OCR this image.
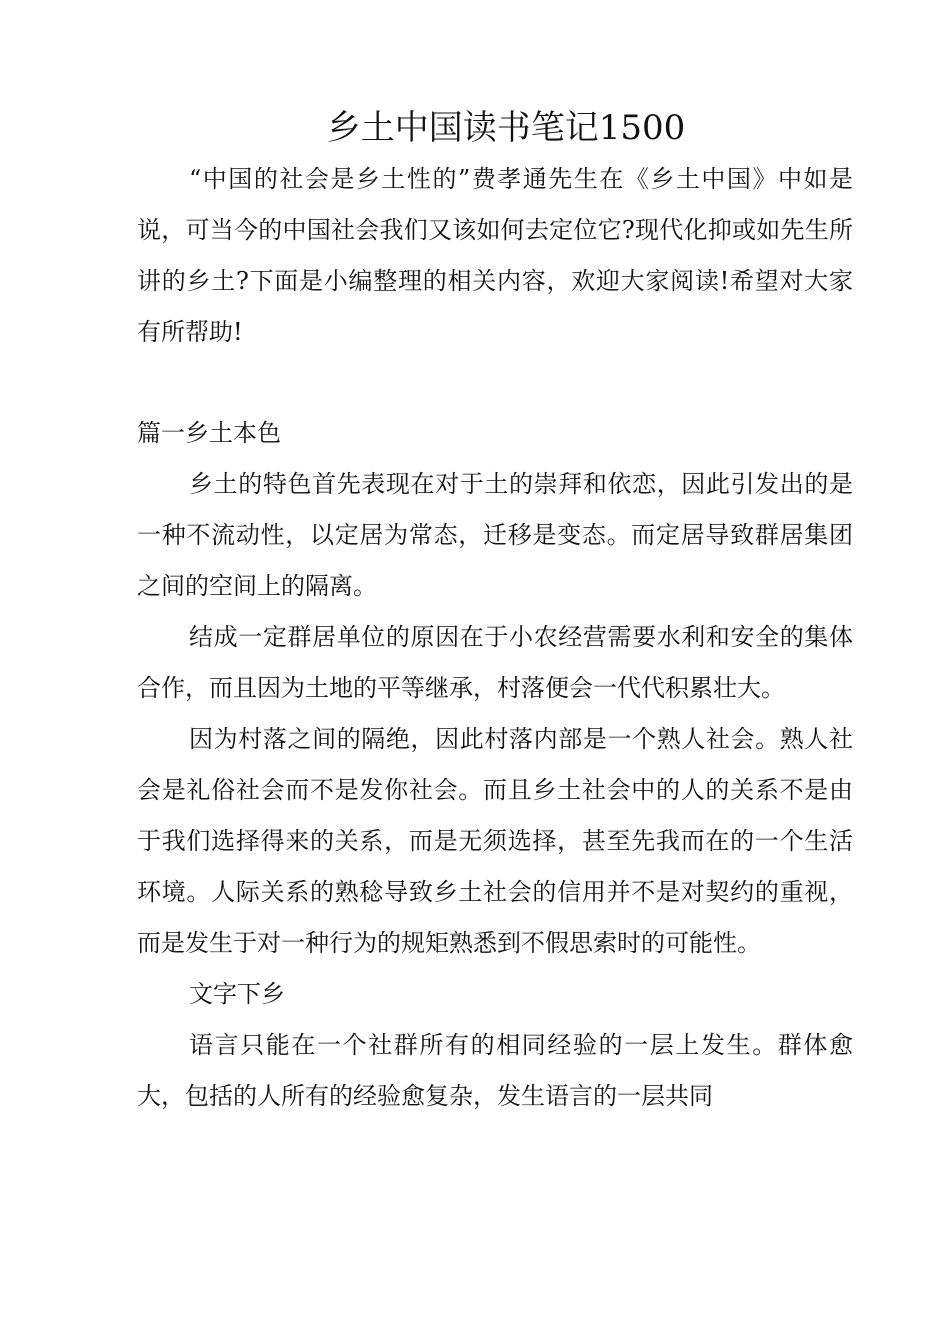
乡土中国读书笔记1500

“中国的社会是乡土性的”费孝通先生在《乡土中国》中如是说，可当今的中国社会我们又该如何去定位它?现代化抑或如先生所讲的乡土?下面是小编整理的相关内容，欢迎大家阅读!希望对大家有所帮助!

篇一乡土本色

乡土的特色首先表现在对于土的崇拜和依恋，因此引发出的是一种不流动性，以定居为常态，迁移是变态。而定居导致群居集团之间的空间上的隔离。

结成一定群居单位的原因在于小农经营需要水利和安全的集体合作，而且因为土地的平等继承，村落便会一代代积累壮大。

因为村落之间的隔绝，因此村落内部是一个熟人社会。熟人社会是礼俗社会而不是发你社会。而且乡土社会中的人的关系不是由于我们选择得来的关系，而是无须选择，甚至先我而在的一个生活环境。人际关系的熟稔导致乡土社会的信用并不是对契约的重视，而是发生于对一种行为的规矩熟悉到不假思索时的可能性。

文字下乡

语言只能在一个社群所有的相同经验的一层上发生。群体愈大，包括的人所有的经验愈复杂，发生语言的一层共同
